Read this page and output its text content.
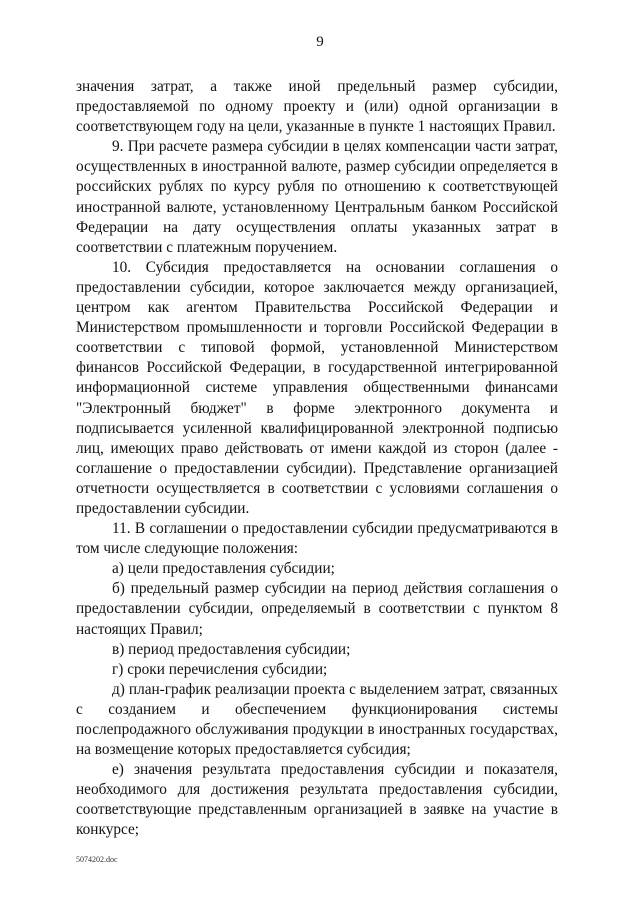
9

значения затрат, а также иной предельный размер субсидии, предоставляемой по одному проекту и (или) одной организации в соответствующем году на цели, указанные в пункте 1 настоящих Правил.

9. При расчете размера субсидии в целях компенсации части затрат, осуществленных в иностранной валюте, размер субсидии определяется в российских рублях по курсу рубля по отношению к соответствующей иностранной валюте, установленному Центральным банком Российской Федерации на дату осуществления оплаты указанных затрат в соответствии с платежным поручением.

10. Субсидия предоставляется на основании соглашения о предоставлении субсидии, которое заключается между организацией, центром как агентом Правительства Российской Федерации и Министерством промышленности и торговли Российской Федерации в соответствии с типовой формой, установленной Министерством финансов Российской Федерации, в государственной интегрированной информационной системе управления общественными финансами "Электронный бюджет" в форме электронного документа и подписывается усиленной квалифицированной электронной подписью лиц, имеющих право действовать от имени каждой из сторон (далее - соглашение о предоставлении субсидии). Представление организацией отчетности осуществляется в соответствии с условиями соглашения о предоставлении субсидии.

11. В соглашении о предоставлении субсидии предусматриваются в том числе следующие положения:

а) цели предоставления субсидии;

б) предельный размер субсидии на период действия соглашения о предоставлении субсидии, определяемый в соответствии с пунктом 8 настоящих Правил;

в) период предоставления субсидии;

г) сроки перечисления субсидии;

д) план-график реализации проекта с выделением затрат, связанных с созданием и обеспечением функционирования системы послепродажного обслуживания продукции в иностранных государствах, на возмещение которых предоставляется субсидия;

е) значения результата предоставления субсидии и показателя, необходимого для достижения результата предоставления субсидии, соответствующие представленным организацией в заявке на участие в конкурсе;

5074202.doc
